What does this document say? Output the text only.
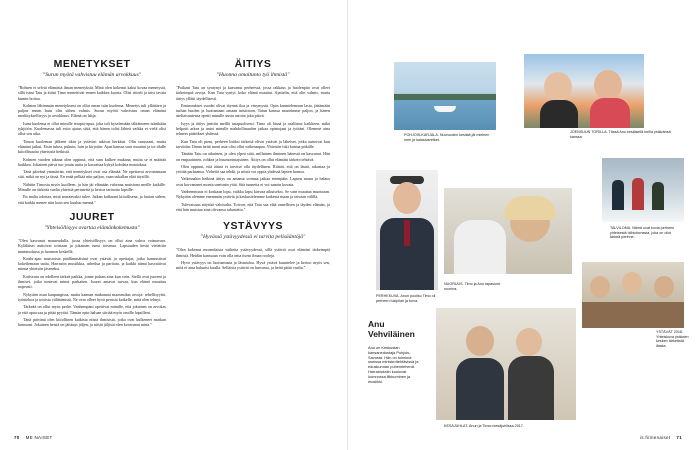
MENETYKSET
"Surun myötä vahvistuu elämän arvokkuus"

"Rohsen ei selviä elämästä ilman menetyksiä. Minä olen kokenut kaksi kovaa menetystä, sillä isäni Tatu ja äitini Timo menettivät ennen kaikkea kuoria. Olisi riitteli ja taisi tavata kumin hoitoa.

Kolmen lähimmän menetykseni on ollut oman isän kuolema. Menetys tuli yllättäen ja paljon ennen kuin olin siihen valmis. Surun myötä vahvistuu oman elämäni merkityksellisyys ja arvokkuus. Elämä on lahja.

Isäni kuolema ei ollut minulle terapia-apua, joka tuli kyselemään tähtäimeen isänikään tyhjiöön. Kuolemassa tuli esiin ajatus siitä, että hänen tulisi lähteä vaikka ei vielä olisi ollut sen aika.

Timon kuoleman jälkeen itkin ja ystävini tukivat herkästi. Olin surussani, mutta elämäni jatkui. Etsin tukea, puhuin, luin ja kirjoitin. Ajan kanssa suru muuttui ja toi tilalle kiitollisuutta yhteisistä hetkistä.

Kolmen vuoden aikana olen oppinut, että suru kulkee mukana, mutta se ei määrää kaikkea. Jokainen päivä tuo jotain uutta ja kasvattaa kykyä kohdata muutoksia.

Tänä päivänä ymmärrän, että menetykset ovat osa elämää. Ne opettavat arvostamaan sitä, mikä on nyt ja tässä. En enää pelkää niin paljon, vaan uskallan elää täysillä.

Nähtiin Timosta myös kuolleen, ja hän jäi elämään vahvana muistona meille kaikille. Minulle on tärkeää vaalia yhteisiä perinteitä ja kertoa tarinoita lapsille.

En malta odottaa, mitä seuraavaksi tulee. Jatkan kulkuani kiitollisena, ja luotan siihen, että kaikki menee niin kuin sen kuuluu mennä."

JUURET
"Yhteisöllisyys ovartaa elämänkokemusta"

"Olen kasvanut maaseudulla, jossa yhteisöllisyys on ollut aina vahva voimavara. Kyläläiset auttoivat toisiaan ja jokainen tunsi toisensa. Lapsuuden kesät vietettiin mummolassa ja luonnon keskellä.

Koulu-ajan muistoista päällimmäisinä ovat ystävät ja opettajat, jotka kannustivat kokeilemaan uutta. Harrastin musiikkia, urheilua ja partiota, ja kaikki nämä kasvattivat minua yhteisön jäseneksi.

Kotiseutu on edelleen tärkeä paikka, jonne palaan aina kun voin. Siellä ovat juureni ja ihmiset, jotka tuntevat minut parhaiten. Juuret antavat turvaa, kun elämä muuttuu nopeasti.

Nykyään asun kaupungissa, mutta kannan mukanani maaseudun arvoja: rehellisyyttä, työntekoa ja toisista välittämistä. Ne ovat olleet hyvä perusta kaikelle, mitä olen tehnyt.

Tärkeää on ollut myös perhe. Vanhempani opettivat minulle, että jokainen on arvokas ja että apua saa ja pitää pyytää. Tämän opin haluan siirtää myös omille lapsilleni.

Tänä päivänä olen kiitollinen kaikista niistä ihmisistä, jotka ovat kulkeneet matkan kanssani. Jokainen heistä on jättänyt jäljen, ja niistä jäljistä olen koostunut minä."

ÄITIYS
"Huonna omaitunto työ ihmistä"

"Poikani Tatu on syntynyt ja kasvanut perheessä, jossa rakkaus ja huolenpito ovat olleet tärkeimpiä arvoja. Kun Tatu syntyi, koko elämä muuttui. Ajattelin, että olin valmis, mutta äitiys yllätti täydellisesti.

Ensimmäiset vuodet olivat täynnä iloa ja väsymystä. Opin kuuntelemaan lasta, jättämään turhan huolen ja luottamaan omaan intuitioon. Tatun kanssa nauroimme paljon, ja hänen uteliaisuutensa opetti minulle uusia asioita joka päivä.

Isyys ja äitiys jaettiin meillä tasapuolisesti. Timo oli läsnä ja osallistui kaikkeen, mikä helpotti arkea ja antoi minulle mahdollisuuden jatkaa opintojani ja työtäni. Olemme aina tehneet päätökset yhdessä.

Kun Tatu oli pieni, perheen lisäksi tärkeitä olivat ystävät ja läheiset, jotka auttoivat kun tarvittiin. Ilman heitä moni asia olisi ollut vaikeampaa. Yhteisön tuki kantaa pitkälle.

Tänään Tatu on aikuinen, ja olen ylpeä siitä, millainen ihminen hänestä on kasvanut. Hän on empaattinen, rohkea ja huumorintajuinen. Äitiys on ollut elämäni tärkein tehtävä.

Olen oppinut, että äitinä ei tarvitse olla täydellinen. Riittää, että on läsnä, rakastaa ja yrittää parhaansa. Virheitä saa tehdä, ja niistä voi oppia yhdessä lapsen kanssa.

Vaikeinakin hetkinä äitiys on antanut voimaa jatkaa eteenpäin. Lapsen nauru ja halaus ovat korvanneet monta unetonta yötä. Sitä tunnetta ei voi sanoin kuvata.

Vanhemmuus ei koskaan lopu, vaikka lapsi kasvaa aikuiseksi. Se vain muuttaa muotoaan. Nykyään olemme enemmän ystäviä ja keskustelemme kaikesta maan ja taivaan välillä.

Tulevaisuus näyttää valoisalta. Toivon, että Tatu saa elää onnellisen ja täyden elämän, ja että hän muistaa aina olevansa rakastettu."

YSTÄVYYS
"Hyvässä ystävyydessä ei tarvita pelisääntöjä"

"Olen kokenut monenlaisia vaiheita ystävyydessä, sillä ystävät ovat elämäni tärkeimpiä ihmisiä. Heidän kanssaan voin olla oma itseni ilman rooleja.

Hyvä ystävyys on luottamusta ja läsnäoloa. Hyvä ystävä kuuntelee ja kertoo myös sen, mitä ei aina haluaisi kuulla. Sellaisia ystäviä on harvassa, ja heitä pitää vaalia."

70 ME NAISET
POHJOIS-KARJALA. Nuoruuden kesistä jäi mieleen meri ja kalastusretket.
JOENSUUN TORILLA. Tässä Anu kesäisellä torilla ystävänsä kanssa.
TALVILOMA. Nämä ovat kuvia perheen yhteisestä hiihtolomasta, joka on ollut tärkeä perinne.
YSTÄVÄT 2018. Yhteiskuva ystävien kesken tärkeästä illasta.
NUORUUS. Timo ja Anu tapasivat nuorina.
Anu Vehviläinen
Anu on Keskustan kansanedustaja Pohjois-Savosta. Hän on toiminut useissa ministeritehtävissä ja eduskunnan puhemiehenä. Harrastuksiin kuuluvat luonnossa liikkuminen ja musiikki.
PERHEKUVA. Anun puoliso Timo oli perheen tukipilari ja turva.
KESÄJUHLAT. Anun ja Timon kesäjuhlissa 2017.
is.fi/menaiset 71
